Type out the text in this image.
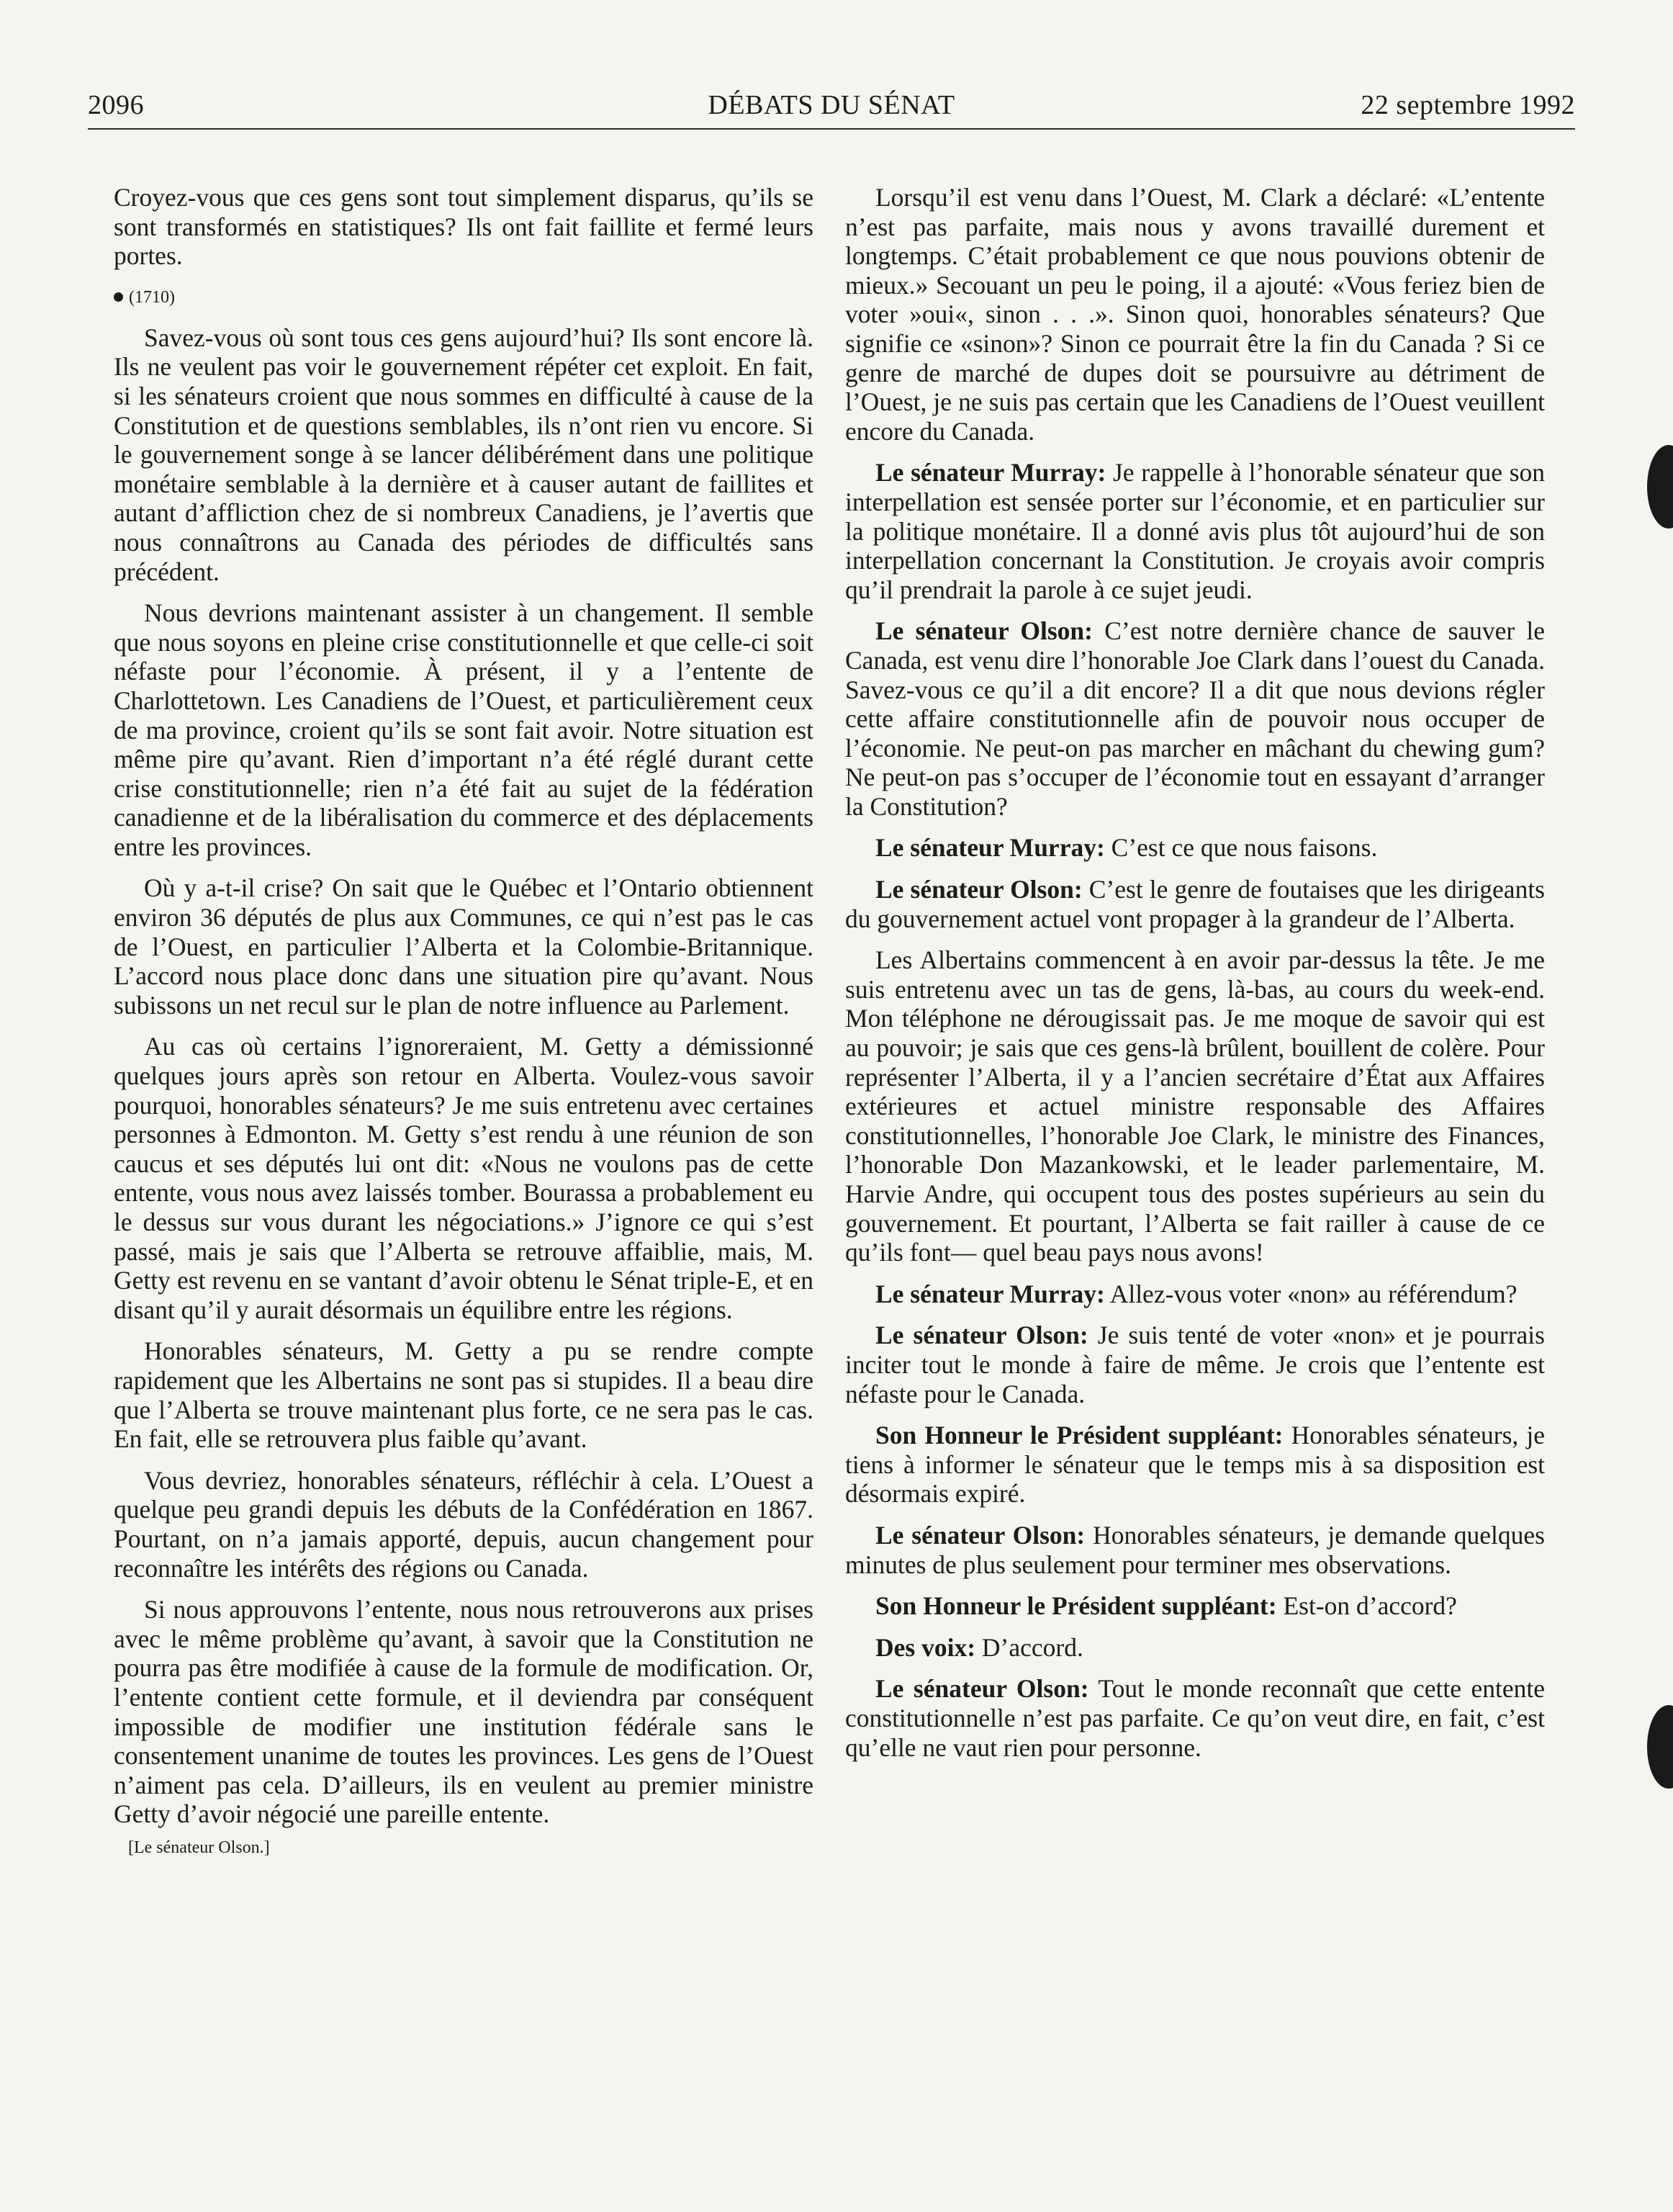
2096	DÉBATS DU SÉNAT	22 septembre 1992

Croyez-vous que ces gens sont tout simplement disparus, qu’ils se sont transformés en statistiques? Ils ont fait faillite et fermé leurs portes.

(1710)

Savez-vous où sont tous ces gens aujourd’hui? Ils sont encore là. Ils ne veulent pas voir le gouvernement répéter cet exploit. En fait, si les sénateurs croient que nous sommes en difficulté à cause de la Constitution et de questions semblables, ils n’ont rien vu encore. Si le gouvernement songe à se lancer délibérément dans une politique monétaire semblable à la dernière et à causer autant de faillites et autant d’affliction chez de si nombreux Canadiens, je l’avertis que nous connaîtrons au Canada des périodes de difficultés sans précédent.

Nous devrions maintenant assister à un changement. Il semble que nous soyons en pleine crise constitutionnelle et que celle-ci soit néfaste pour l’économie. À présent, il y a l’entente de Charlottetown. Les Canadiens de l’Ouest, et particulièrement ceux de ma province, croient qu’ils se sont fait avoir. Notre situation est même pire qu’avant. Rien d’important n’a été réglé durant cette crise constitutionnelle; rien n’a été fait au sujet de la fédération canadienne et de la libéralisation du commerce et des déplacements entre les provinces.

Où y a-t-il crise? On sait que le Québec et l’Ontario obtiennent environ 36 députés de plus aux Communes, ce qui n’est pas le cas de l’Ouest, en particulier l’Alberta et la Colombie-Britannique. L’accord nous place donc dans une situation pire qu’avant. Nous subissons un net recul sur le plan de notre influence au Parlement.

Au cas où certains l’ignoreraient, M. Getty a démissionné quelques jours après son retour en Alberta. Voulez-vous savoir pourquoi, honorables sénateurs? Je me suis entretenu avec certaines personnes à Edmonton. M. Getty s’est rendu à une réunion de son caucus et ses députés lui ont dit: «Nous ne voulons pas de cette entente, vous nous avez laissés tomber. Bourassa a probablement eu le dessus sur vous durant les négociations.» J’ignore ce qui s’est passé, mais je sais que l’Alberta se retrouve affaiblie, mais, M. Getty est revenu en se vantant d’avoir obtenu le Sénat triple-E, et en disant qu’il y aurait désormais un équilibre entre les régions.

Honorables sénateurs, M. Getty a pu se rendre compte rapidement que les Albertains ne sont pas si stupides. Il a beau dire que l’Alberta se trouve maintenant plus forte, ce ne sera pas le cas. En fait, elle se retrouvera plus faible qu’avant.

Vous devriez, honorables sénateurs, réfléchir à cela. L’Ouest a quelque peu grandi depuis les débuts de la Confédération en 1867. Pourtant, on n’a jamais apporté, depuis, aucun changement pour reconnaître les intérêts des régions ou Canada.

Si nous approuvons l’entente, nous nous retrouverons aux prises avec le même problème qu’avant, à savoir que la Constitution ne pourra pas être modifiée à cause de la formule de modification. Or, l’entente contient cette formule, et il deviendra par conséquent impossible de modifier une institution fédérale sans le consentement unanime de toutes les provinces. Les gens de l’Ouest n’aiment pas cela. D’ailleurs, ils en veulent au premier ministre Getty d’avoir négocié une pareille entente.

[Le sénateur Olson.]

Lorsqu’il est venu dans l’Ouest, M. Clark a déclaré: «L’entente n’est pas parfaite, mais nous y avons travaillé durement et longtemps. C’était probablement ce que nous pouvions obtenir de mieux.» Secouant un peu le poing, il a ajouté: «Vous feriez bien de voter »oui«, sinon . . .». Sinon quoi, honorables sénateurs? Que signifie ce «sinon»? Sinon ce pourrait être la fin du Canada ? Si ce genre de marché de dupes doit se poursuivre au détriment de l’Ouest, je ne suis pas certain que les Canadiens de l’Ouest veuillent encore du Canada.

Le sénateur Murray: Je rappelle à l’honorable sénateur que son interpellation est sensée porter sur l’économie, et en particulier sur la politique monétaire. Il a donné avis plus tôt aujourd’hui de son interpellation concernant la Constitution. Je croyais avoir compris qu’il prendrait la parole à ce sujet jeudi.

Le sénateur Olson: C’est notre dernière chance de sauver le Canada, est venu dire l’honorable Joe Clark dans l’ouest du Canada. Savez-vous ce qu’il a dit encore? Il a dit que nous devions régler cette affaire constitutionnelle afin de pouvoir nous occuper de l’économie. Ne peut-on pas marcher en mâchant du chewing gum? Ne peut-on pas s’occuper de l’économie tout en essayant d’arranger la Constitution?

Le sénateur Murray: C’est ce que nous faisons.

Le sénateur Olson: C’est le genre de foutaises que les dirigeants du gouvernement actuel vont propager à la grandeur de l’Alberta.

Les Albertains commencent à en avoir par-dessus la tête. Je me suis entretenu avec un tas de gens, là-bas, au cours du week-end. Mon téléphone ne dérougissait pas. Je me moque de savoir qui est au pouvoir; je sais que ces gens-là brûlent, bouillent de colère. Pour représenter l’Alberta, il y a l’ancien secrétaire d’État aux Affaires extérieures et actuel ministre responsable des Affaires constitutionnelles, l’honorable Joe Clark, le ministre des Finances, l’honorable Don Mazankowski, et le leader parlementaire, M. Harvie Andre, qui occupent tous des postes supérieurs au sein du gouvernement. Et pourtant, l’Alberta se fait railler à cause de ce qu’ils font— quel beau pays nous avons!

Le sénateur Murray: Allez-vous voter «non» au référendum?

Le sénateur Olson: Je suis tenté de voter «non» et je pourrais inciter tout le monde à faire de même. Je crois que l’entente est néfaste pour le Canada.

Son Honneur le Président suppléant: Honorables sénateurs, je tiens à informer le sénateur que le temps mis à sa disposition est désormais expiré.

Le sénateur Olson: Honorables sénateurs, je demande quelques minutes de plus seulement pour terminer mes observations.

Son Honneur le Président suppléant: Est-on d’accord?

Des voix: D’accord.

Le sénateur Olson: Tout le monde reconnaît que cette entente constitutionnelle n’est pas parfaite. Ce qu’on veut dire, en fait, c’est qu’elle ne vaut rien pour personne.
